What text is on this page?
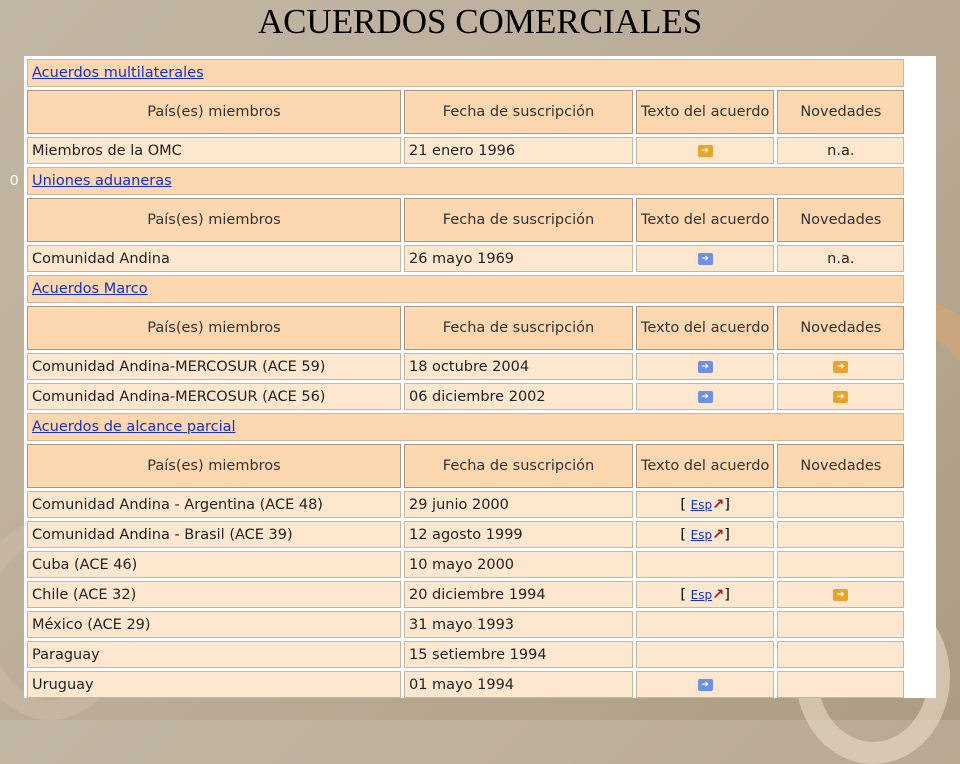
ACUERDOS COMERCIALES
0
Acuerdos multilaterales			
País(es) miembros	Fecha de suscripción	Texto del acuerdo	Novedades
Miembros de la OMC	21 enero 1996	➔	n.a.
Uniones aduaneras			
País(es) miembros	Fecha de suscripción	Texto del acuerdo	Novedades
Comunidad Andina	26 mayo 1969	➔	n.a.
Acuerdos Marco			
País(es) miembros	Fecha de suscripción	Texto del acuerdo	Novedades
Comunidad Andina-MERCOSUR (ACE 59)	18 octubre 2004	➔	➔
Comunidad Andina-MERCOSUR (ACE 56)	06 diciembre 2002	➔	➔
Acuerdos de alcance parcial			
País(es) miembros	Fecha de suscripción	Texto del acuerdo	Novedades
Comunidad Andina - Argentina (ACE 48)	29 junio 2000	[ Esp↗]	
Comunidad Andina - Brasil (ACE 39)	12 agosto 1999	[ Esp↗]	
Cuba (ACE 46)	10 mayo 2000		
Chile (ACE 32)	20 diciembre 1994	[ Esp↗]	➔
México (ACE 29)	31 mayo 1993		
Paraguay	15 setiembre 1994		
Uruguay	01 mayo 1994	➔	
